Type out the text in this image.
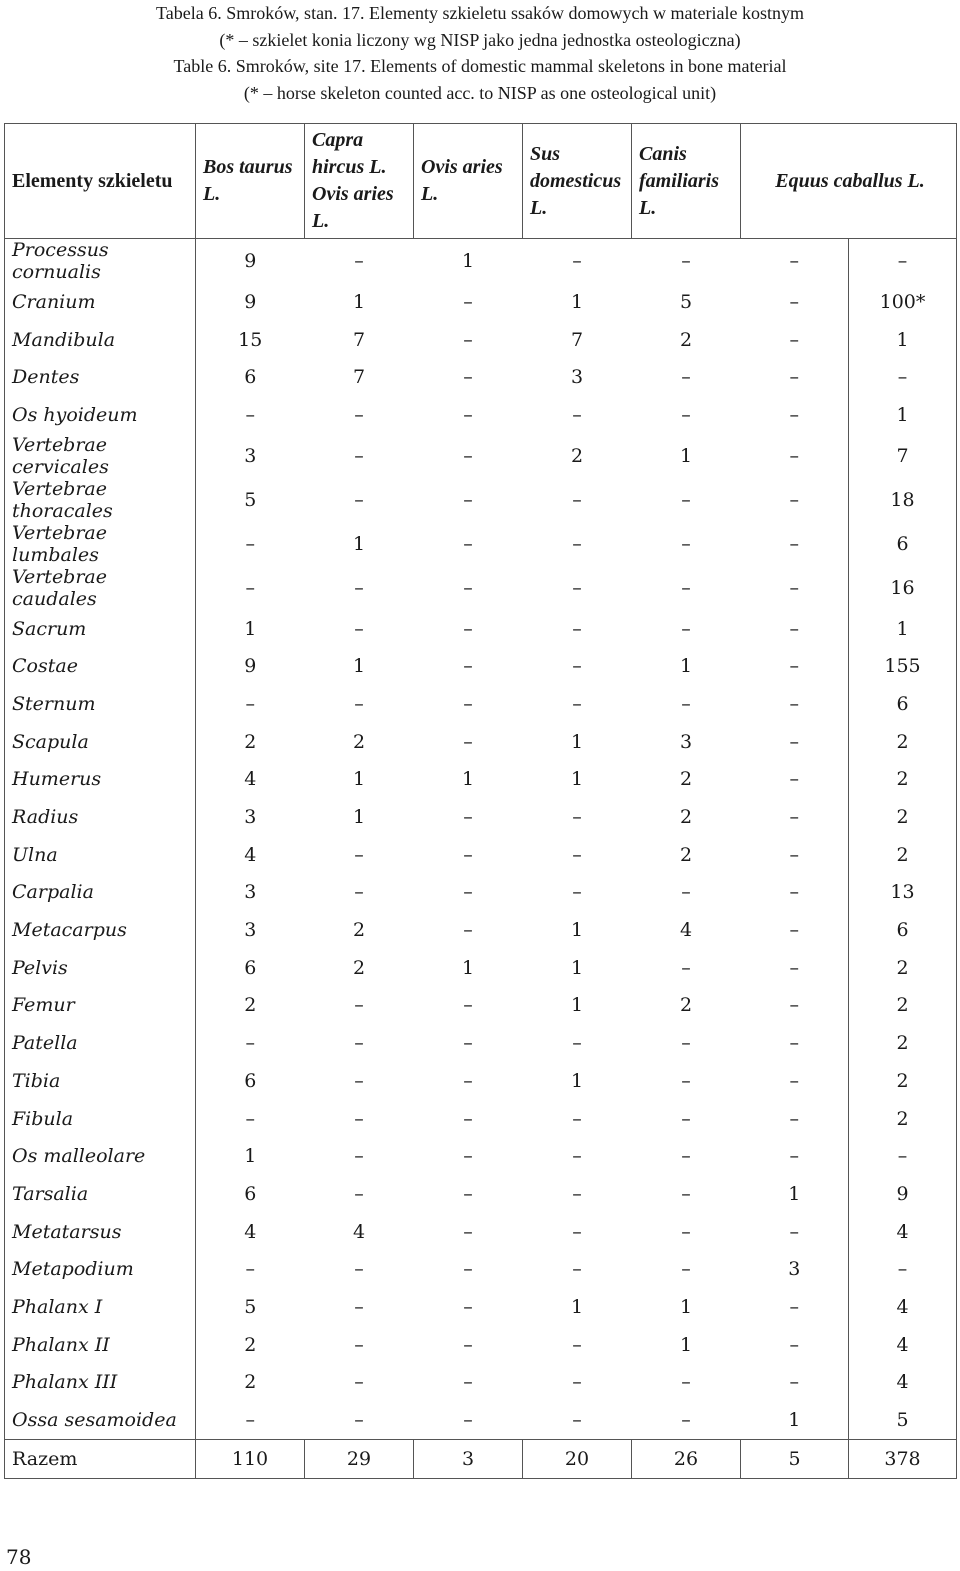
Tabela 6. Smroków, stan. 17. Elementy szkieletu ssaków domowych w materiale kostnym
(* – szkielet konia liczony wg NISP jako jedna jednostka osteologiczna)
Table 6. Smroków, site 17. Elements of domestic mammal skeletons in bone material
(* – horse skeleton counted acc. to NISP as one osteological unit)
Elementy szkieletu	Bos taurus L.	Capra hircus L. Ovis aries L.	Ovis aries L.	Sus domesticus L.	Canis familiaris L.	Equus caballus L.	
Processus cornualis	9	–	1	–	–	–	–
Cranium	9	1	–	1	5	–	100*
Mandibula	15	7	–	7	2	–	1
Dentes	6	7	–	3	–	–	–
Os hyoideum	–	–	–	–	–	–	1
Vertebrae cervicales	3	–	–	2	1	–	7
Vertebrae thoracales	5	–	–	–	–	–	18
Vertebrae lumbales	–	1	–	–	–	–	6
Vertebrae caudales	–	–	–	–	–	–	16
Sacrum	1	–	–	–	–	–	1
Costae	9	1	–	–	1	–	155
Sternum	–	–	–	–	–	–	6
Scapula	2	2	–	1	3	–	2
Humerus	4	1	1	1	2	–	2
Radius	3	1	–	–	2	–	2
Ulna	4	–	–	–	2	–	2
Carpalia	3	–	–	–	–	–	13
Metacarpus	3	2	–	1	4	–	6
Pelvis	6	2	1	1	–	–	2
Femur	2	–	–	1	2	–	2
Patella	–	–	–	–	–	–	2
Tibia	6	–	–	1	–	–	2
Fibula	–	–	–	–	–	–	2
Os malleolare	1	–	–	–	–	–	–
Tarsalia	6	–	–	–	–	1	9
Metatarsus	4	4	–	–	–	–	4
Metapodium	–	–	–	–	–	3	–
Phalanx I	5	–	–	1	1	–	4
Phalanx II	2	–	–	–	1	–	4
Phalanx III	2	–	–	–	–	–	4
Ossa sesamoidea	–	–	–	–	–	1	5
Razem	110	29	3	20	26	5	378
78
